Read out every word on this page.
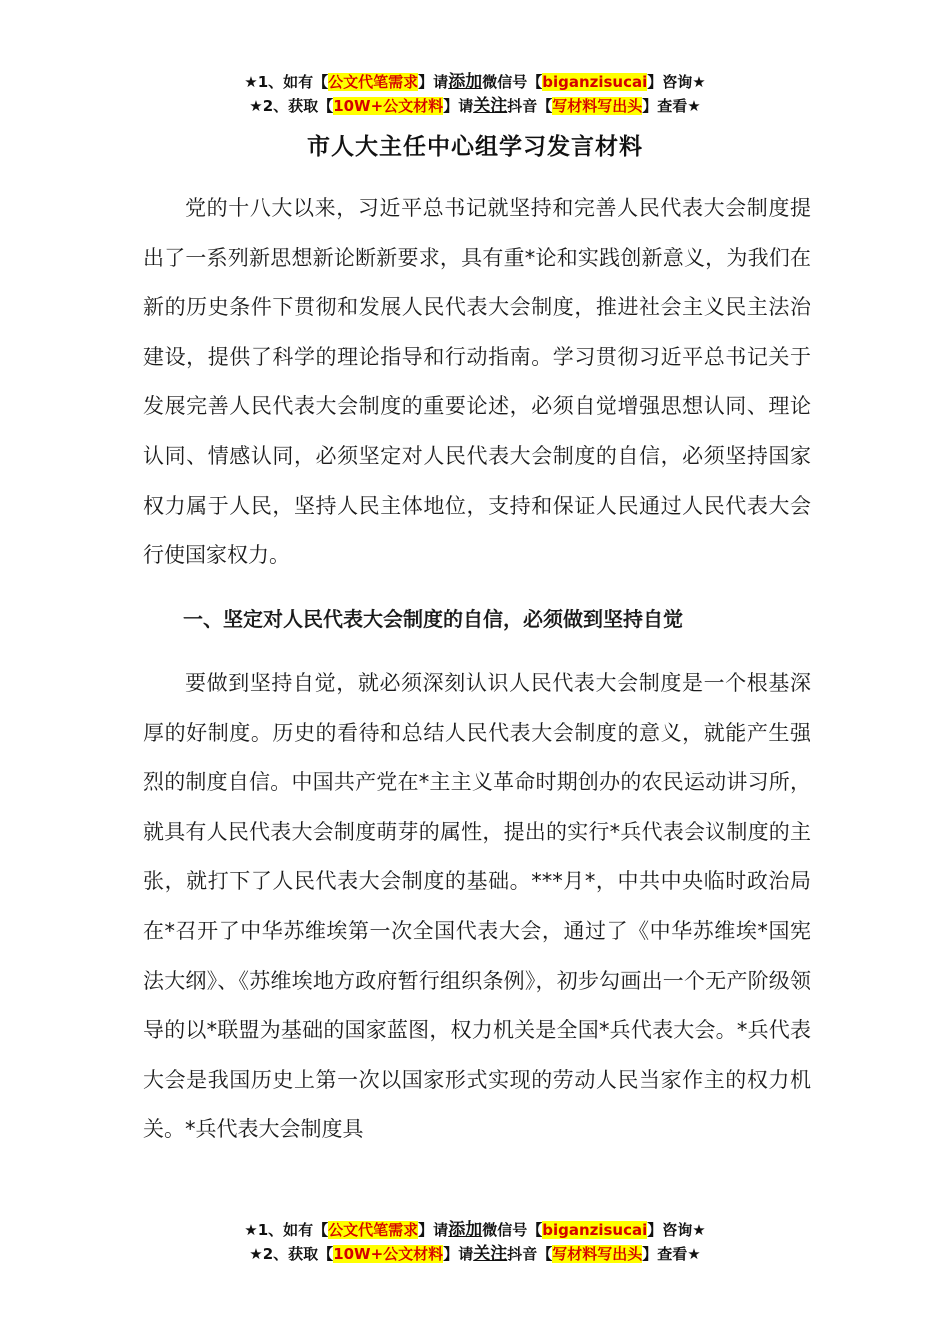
★1、如有【公文代笔需求】请添加微信号【biganzisucai】咨询★
★2、获取【10W+公文材料】请关注抖音【写材料写出头】查看★
市人大主任中心组学习发言材料

党的十八大以来，习近平总书记就坚持和完善人民代表大会制度提出了一系列新思想新论断新要求，具有重*论和实践创新意义，为我们在新的历史条件下贯彻和发展人民代表大会制度，推进社会主义民主法治建设，提供了科学的理论指导和行动指南。学习贯彻习近平总书记关于发展完善人民代表大会制度的重要论述，必须自觉增强思想认同、理论认同、情感认同，必须坚定对人民代表大会制度的自信，必须坚持国家权力属于人民，坚持人民主体地位，支持和保证人民通过人民代表大会行使国家权力。

一、坚定对人民代表大会制度的自信，必须做到坚持自觉

要做到坚持自觉，就必须深刻认识人民代表大会制度是一个根基深厚的好制度。历史的看待和总结人民代表大会制度的意义，就能产生强烈的制度自信。中国共产党在*主主义革命时期创办的农民运动讲习所，就具有人民代表大会制度萌芽的属性，提出的实行*兵代表会议制度的主张，就打下了人民代表大会制度的基础。***月*，中共中央临时政治局在*召开了中华苏维埃第一次全国代表大会，通过了《中华苏维埃*国宪法大纲》、《苏维埃地方政府暂行组织条例》，初步勾画出一个无产阶级领导的以*联盟为基础的国家蓝图，权力机关是全国*兵代表大会。*兵代表大会是我国历史上第一次以国家形式实现的劳动人民当家作主的权力机关。*兵代表大会制度具

★1、如有【公文代笔需求】请添加微信号【biganzisucai】咨询★
★2、获取【10W+公文材料】请关注抖音【写材料写出头】查看★
